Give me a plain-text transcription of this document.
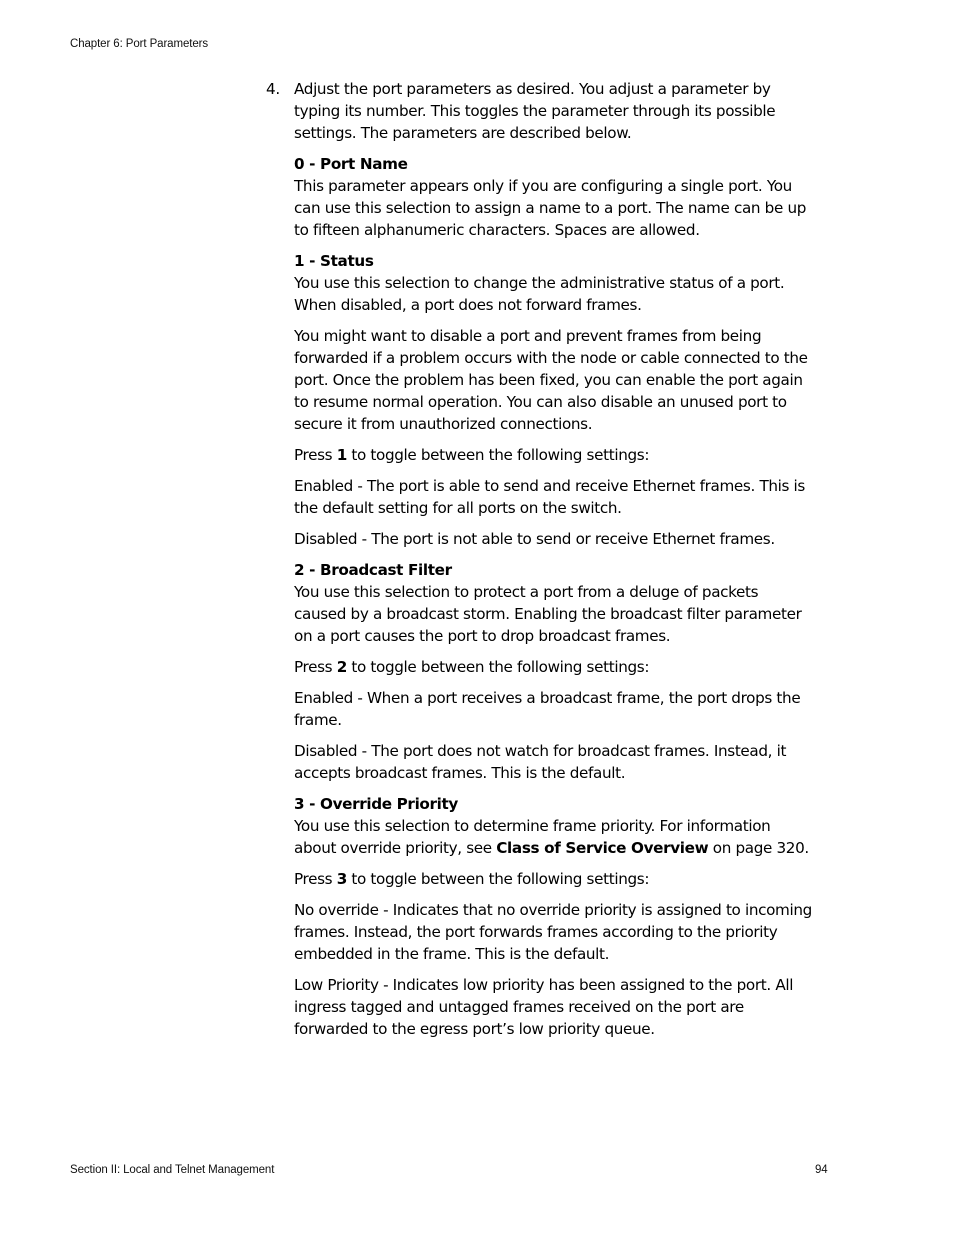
Chapter 6: Port Parameters
4. Adjust the port parameters as desired. You adjust a parameter by typing its number. This toggles the parameter through its possible settings. The parameters are described below.

0 - Port Name
This parameter appears only if you are configuring a single port. You can use this selection to assign a name to a port. The name can be up to fifteen alphanumeric characters. Spaces are allowed.
1 - Status
You use this selection to change the administrative status of a port. When disabled, a port does not forward frames.

You might want to disable a port and prevent frames from being forwarded if a problem occurs with the node or cable connected to the port. Once the problem has been fixed, you can enable the port again to resume normal operation. You can also disable an unused port to secure it from unauthorized connections.

Press 1 to toggle between the following settings:

Enabled - The port is able to send and receive Ethernet frames. This is the default setting for all ports on the switch.

Disabled - The port is not able to send or receive Ethernet frames.

2 - Broadcast Filter
You use this selection to protect a port from a deluge of packets caused by a broadcast storm. Enabling the broadcast filter parameter on a port causes the port to drop broadcast frames.

Press 2 to toggle between the following settings:

Enabled - When a port receives a broadcast frame, the port drops the frame.

Disabled - The port does not watch for broadcast frames. Instead, it accepts broadcast frames. This is the default.

3 - Override Priority
You use this selection to determine frame priority. For information about override priority, see Class of Service Overview on page 320.

Press 3 to toggle between the following settings:

No override - Indicates that no override priority is assigned to incoming frames. Instead, the port forwards frames according to the priority embedded in the frame. This is the default.

Low Priority - Indicates low priority has been assigned to the port. All ingress tagged and untagged frames received on the port are forwarded to the egress port’s low priority queue.

Section II: Local and Telnet Management	94
